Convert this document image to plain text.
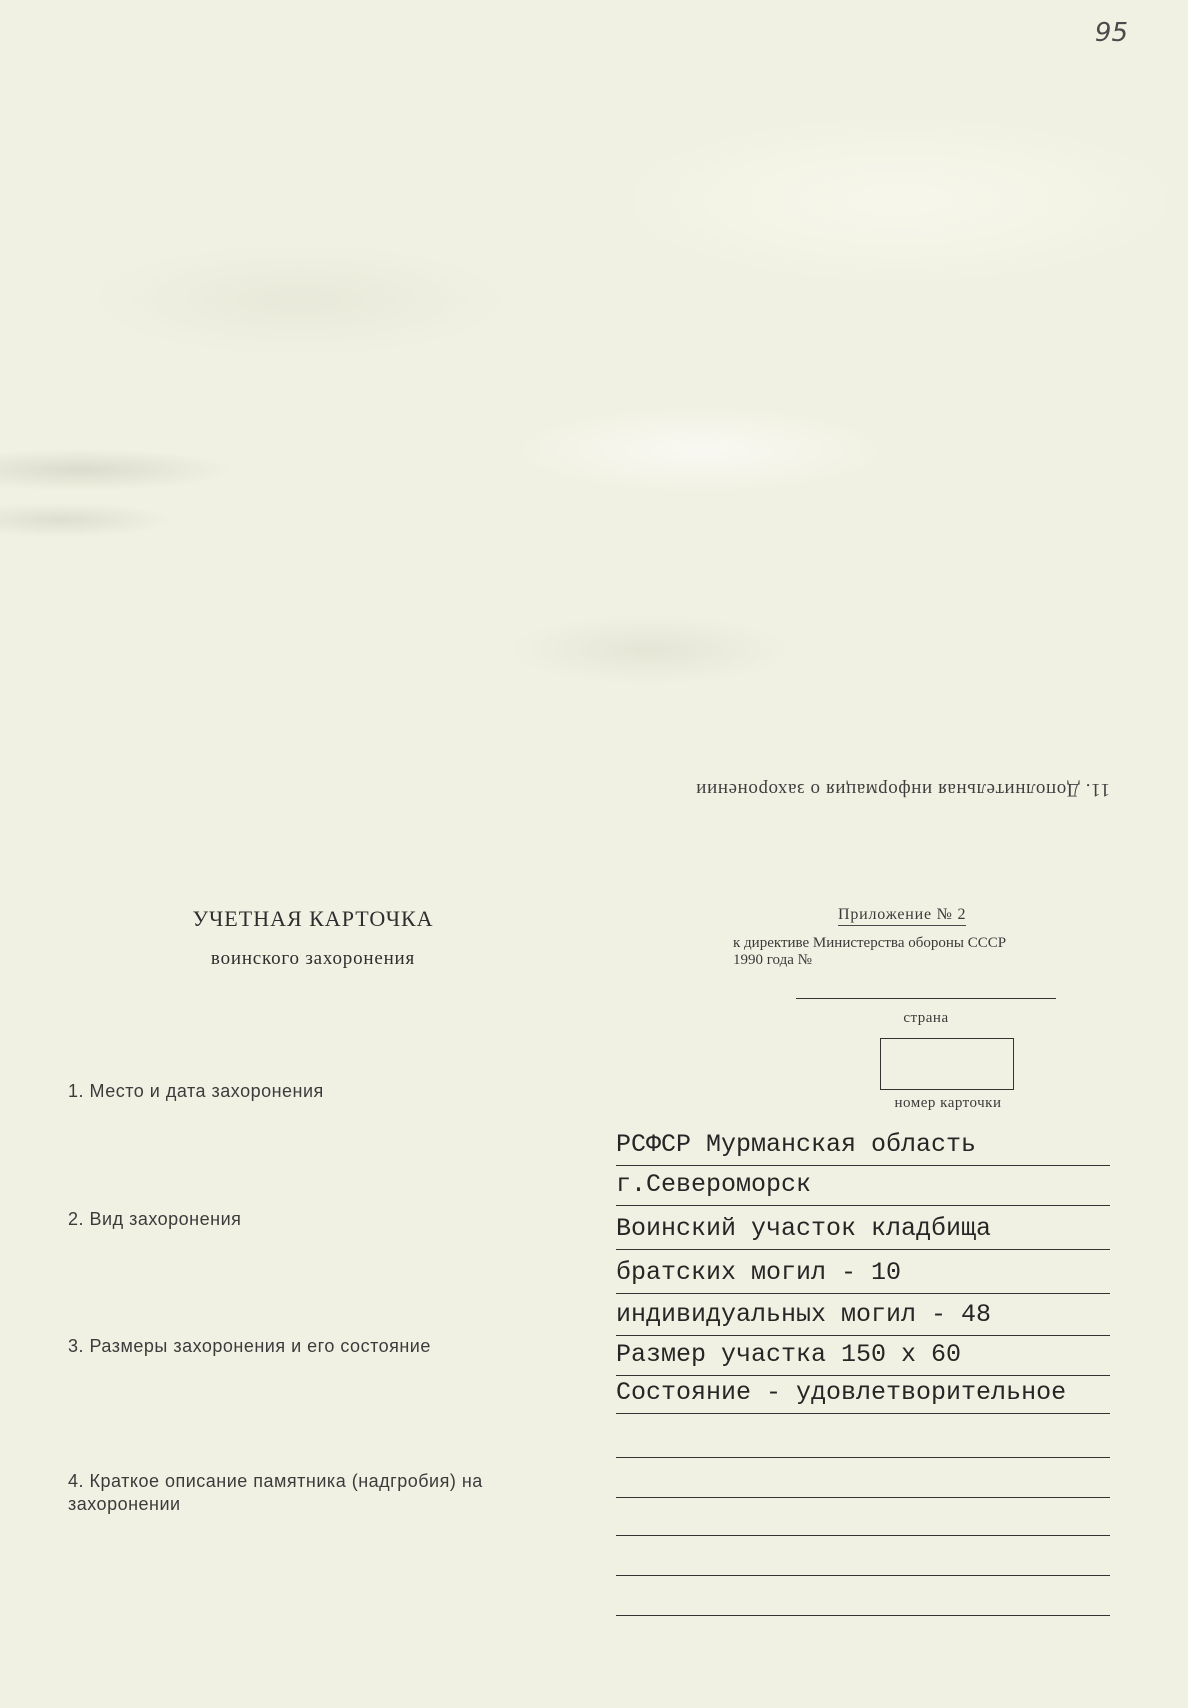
95
11. Дополнительная информация о захоронении
УЧЕТНАЯ КАРТОЧКА
воинского захоронения
Приложение № 2
к директиве Министерства обороны СССР
1990 года №
страна
номер карточки
1. Место и дата захоронения
2. Вид захоронения
3. Размеры захоронения и его состояние
4. Краткое описание памятника (надгробия) на захоронении
РСФСР Мурманская область
г.Североморск
Воинский участок кладбища
братских могил - 10
индивидуальных могил - 48
Размер участка 150 x 60
Состояние - удовлетворительное
